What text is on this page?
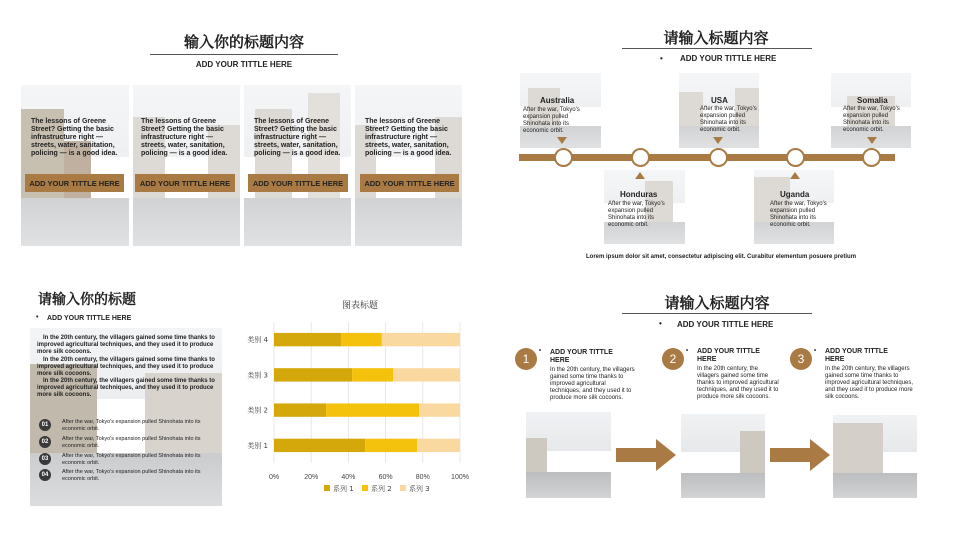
输入你的标题内容
ADD YOUR TITTLE HERE
The lessons of Greene Street? Getting the basic infrastructure right — streets, water, sanitation, policing — is a good idea.
ADD YOUR TITTLE HERE
The lessons of Greene Street? Getting the basic infrastructure right — streets, water, sanitation, policing — is a good idea.
ADD YOUR TITTLE HERE
The lessons of Greene Street? Getting the basic infrastructure right — streets, water, sanitation, policing — is a good idea.
ADD YOUR TITTLE HERE
The lessons of Greene Street? Getting the basic infrastructure right — streets, water, sanitation, policing — is a good idea.
ADD YOUR TITTLE HERE
请输入标题内容
• ADD YOUR TITTLE HERE
Australia
After the war, Tokyo's expansion pulled Shinohata into its economic orbit.
Honduras
After the war, Tokyo's expansion pulled Shinohata into its economic orbit.
USA
After the war, Tokyo's expansion pulled Shinohata into its economic orbit.
Uganda
After the war, Tokyo's expansion pulled Shinohata into its economic orbit.
Somalia
After the war, Tokyo's expansion pulled Shinohata into its economic orbit.
Lorem ipsum dolor sit amet, consectetur adipiscing elit. Curabitur elementum posuere pretium
请输入你的标题
• ADD YOUR TITTLE HERE
In the 20th century, the villagers gained some time thanks to improved agricultural techniques, and they used it to produce more silk cocoons.
In the 20th century, the villagers gained some time thanks to improved agricultural techniques, and they used it to produce more silk cocoons.
In the 20th century, the villagers gained some time thanks to improved agricultural techniques, and they used it to produce more silk cocoons.
01	After the war, Tokyo's expansion pulled Shinohata into its economic orbit.
02	After the war, Tokyo's expansion pulled Shinohata into its economic orbit.
03	After the war, Tokyo's expansion pulled Shinohata into its economic orbit.
04	After the war, Tokyo's expansion pulled Shinohata into its economic orbit.
图表标题
0%	20%	40%	60%	80%	100%
类别 1
类别 2
类别 3
类别 4
系列 1 系列 2 系列 3
请输入标题内容
• ADD YOUR TITTLE HERE
1
• ADD YOUR TITTLE HERE
In the 20th century, the villagers gained some time thanks to improved agricultural techniques, and they used it to produce more silk cocoons.
2
• ADD YOUR TITTLE HERE
In the 20th century, the villagers gained some time thanks to improved agricultural techniques, and they used it to produce more silk cocoons.
3
• ADD YOUR TITTLE HERE
In the 20th century, the villagers gained some time thanks to improved agricultural techniques, and they used it to produce more silk cocoons.
